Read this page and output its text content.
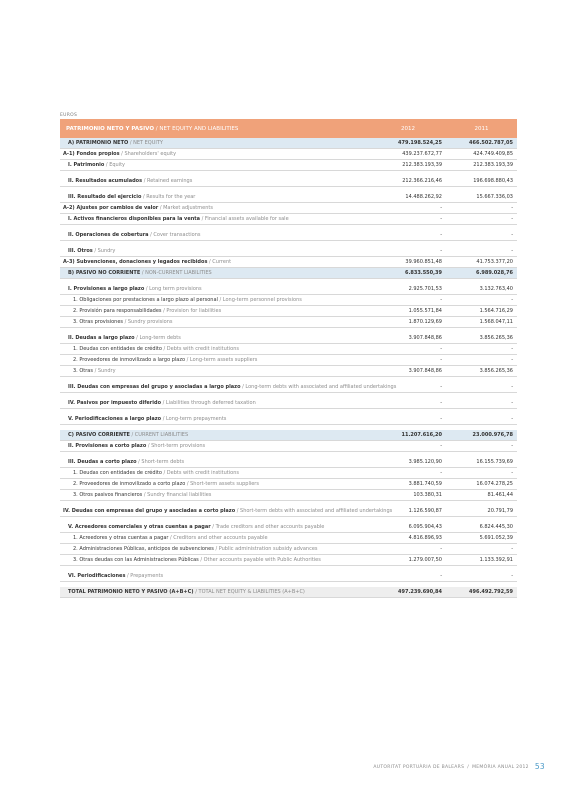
EUROS
PATRIMONIO NETO Y PASIVO / NET EQUITY AND LIABILITIES	2012	2011
A) PATRIMONIO NETO / NET EQUITY	479.198.524,25	466.502.787,05
A-1) Fondos propios / Shareholders' equity	439.237.672,77	424.749.409,85
I. Patrimonio / Equity	212.383.193,39	212.383.193,39

II. Resultados acumulados / Retained earnings	212.366.216,46	196.698.880,43

III. Resultado del ejercicio / Results for the year	14.488.262,92	15.667.336,03
A-2) Ajustes por cambios de valor / Market adjustments	-	-
I. Activos financieros disponibles para la venta / Financial assets available for sale	-	-

II. Operaciones de cobertura / Cover transactions	-	-

III. Otros / Sundry	-	-
A-3) Subvenciones, donaciones y legados recibidos / Current	39.960.851,48	41.753.377,20
B) PASIVO NO CORRIENTE / NON-CURRENT LIABILITIES	6.833.550,39	6.989.028,76

I. Provisiones a largo plazo / Long term provisions	2.925.701,53	3.132.763,40
1. Obligaciones por prestaciones a largo plazo al personal / Long-term personnel provisions	-	-
2. Provisión para responsabilidades / Provision for liabilities	1.055.571,84	1.564.716,29
3. Otras provisiones / Sundry provisions	1.870.129,69	1.568.047,11

II. Deudas a largo plazo / Long-term debts	3.907.848,86	3.856.265,36
1. Deudas con entidades de crédito / Debts with credit institutions	-	-
2. Proveedores de inmovilizado a largo plazo / Long-term assets suppliers	-	-
3. Otras / Sundry	3.907.848,86	3.856.265,36

III. Deudas con empresas del grupo y asociadas a largo plazo / Long-term debts with associated and affiliated undertakings	-	-

IV. Pasivos por impuesto diferido / Liabilities through deferred taxation	-	-

V. Periodificaciones a largo plazo / Long-term prepayments	-	-

C) PASIVO CORRIENTE / CURRENT LIABILITIES	11.207.616,20	23.000.976,78
II. Provisiones a corto plazo / Short-term provisions	-	-

III. Deudas a corto plazo / Short-term debts	3.985.120,90	16.155.739,69
1. Deudas con entidades de crédito / Debts with credit institutions	-	-
2. Proveedores de inmovilizado a corto plazo / Short-term assets suppliers	3.881.740,59	16.074.278,25
3. Otros pasivos financieros / Sundry financial liabilities	103.380,31	81.461,44

IV. Deudas con empresas del grupo y asociadas a corto plazo / Short-term debts with associated and affiliated undertakings	1.126.590,87	20.791,79

V. Acreedores comerciales y otras cuentas a pagar / Trade creditors and other accounts payable	6.095.904,43	6.824.445,30
1. Acreedores y otras cuentas a pagar / Creditors and other accounts payable	4.816.896,93	5.691.052,39
2. Administraciones Públicas, anticipos de subvenciones / Public administration subsidy advances	-	-
3. Otras deudas con las Administraciones Públicas / Other accounts payable with Public Authorities	1.279.007,50	1.133.392,91

VI. Periodificaciones / Prepayments	-	-

TOTAL PATRIMONIO NETO Y PASIVO (A+B+C) / TOTAL NET EQUITY & LIABILITIES (A+B+C)	497.239.690,84	496.492.792,59
AUTORITAT PORTUÀRIA DE BALEARS / MEMÒRIA ANUAL 2012 53
